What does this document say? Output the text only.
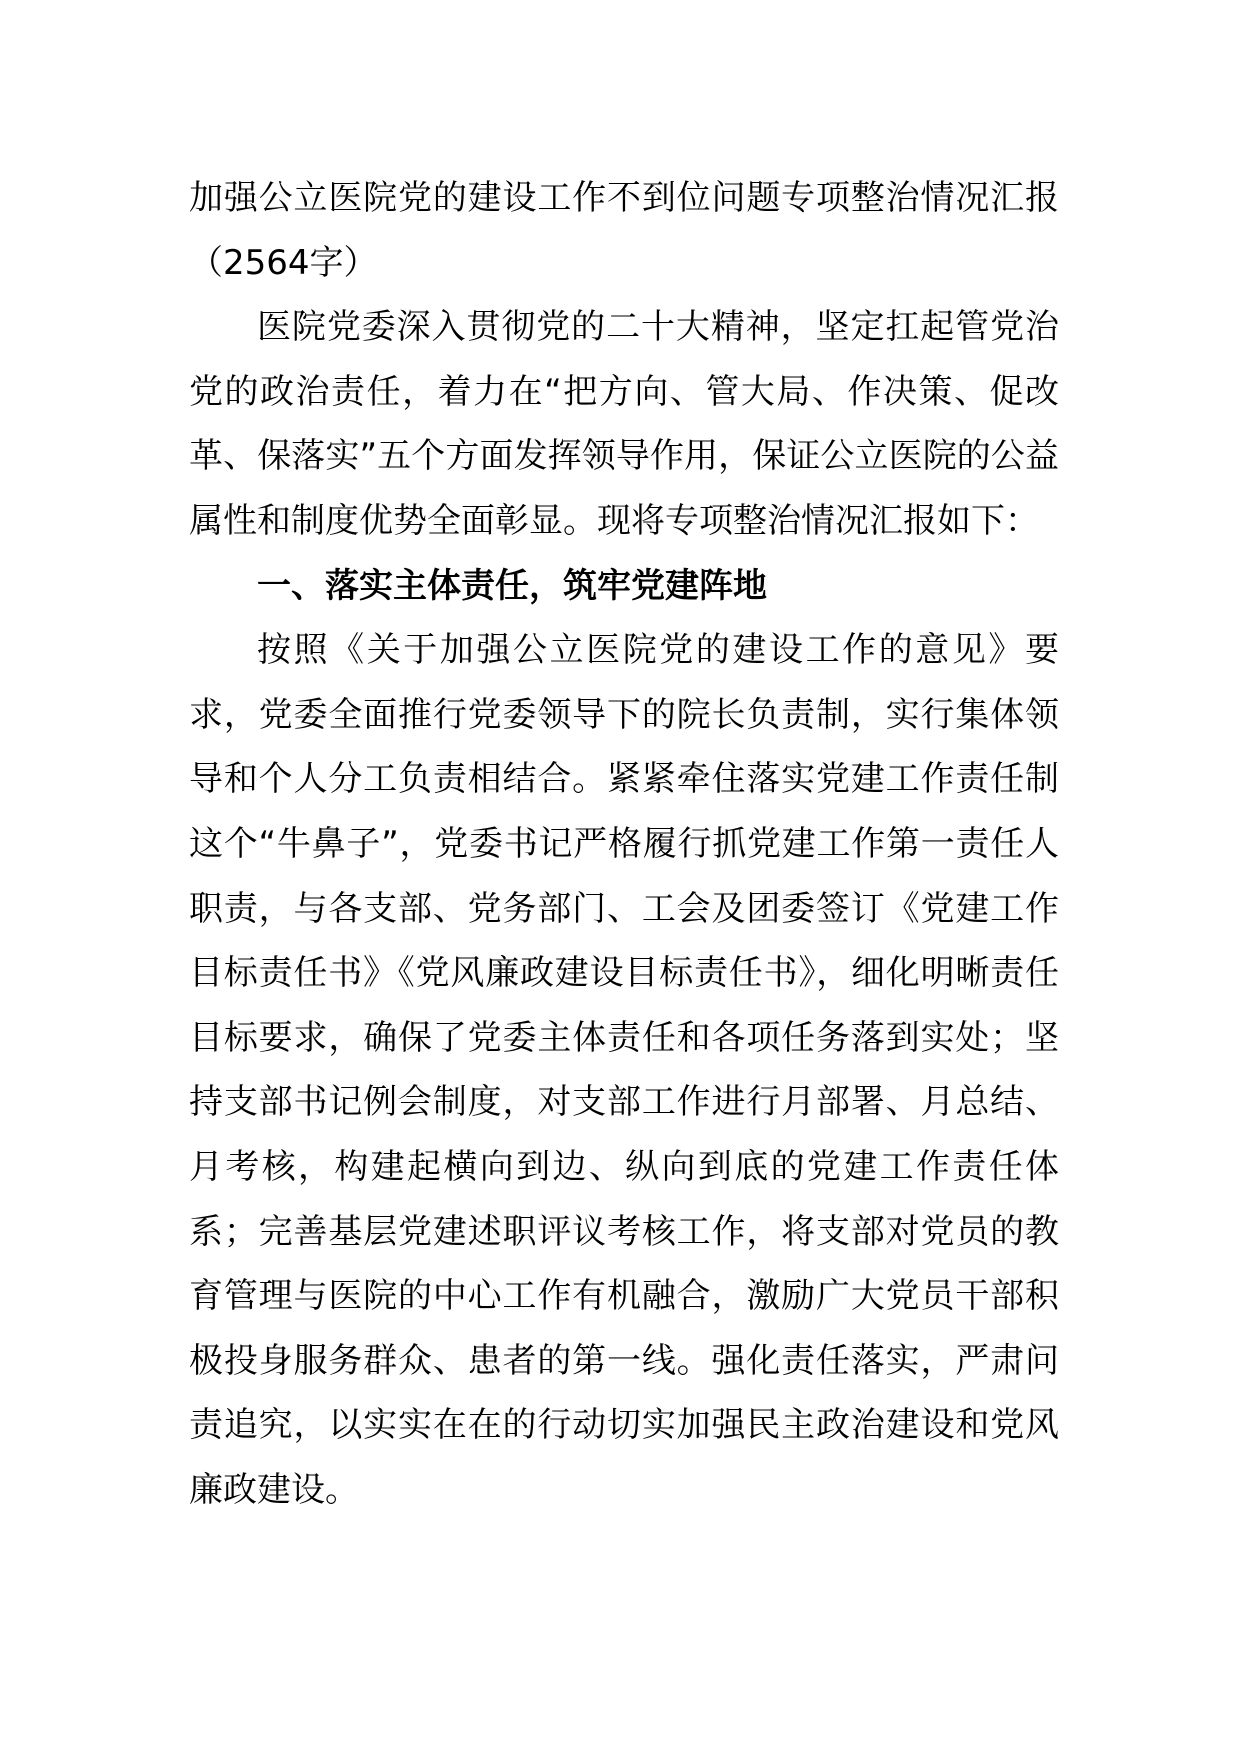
加强公立医院党的建设工作不到位问题专项整治情况汇报（2564字）

医院党委深入贯彻党的二十大精神，坚定扛起管党治党的政治责任，着力在“把方向、管大局、作决策、促改革、保落实”五个方面发挥领导作用，保证公立医院的公益属性和制度优势全面彰显。现将专项整治情况汇报如下：

一、落实主体责任，筑牢党建阵地

按照《关于加强公立医院党的建设工作的意见》要求，党委全面推行党委领导下的院长负责制，实行集体领导和个人分工负责相结合。紧紧牵住落实党建工作责任制这个“牛鼻子”，党委书记严格履行抓党建工作第一责任人职责，与各支部、党务部门、工会及团委签订《党建工作目标责任书》《党风廉政建设目标责任书》，细化明晰责任目标要求，确保了党委主体责任和各项任务落到实处；坚持支部书记例会制度，对支部工作进行月部署、月总结、月考核，构建起横向到边、纵向到底的党建工作责任体系；完善基层党建述职评议考核工作，将支部对党员的教育管理与医院的中心工作有机融合，激励广大党员干部积极投身服务群众、患者的第一线。强化责任落实，严肃问责追究，以实实在在的行动切实加强民主政治建设和党风廉政建设。
